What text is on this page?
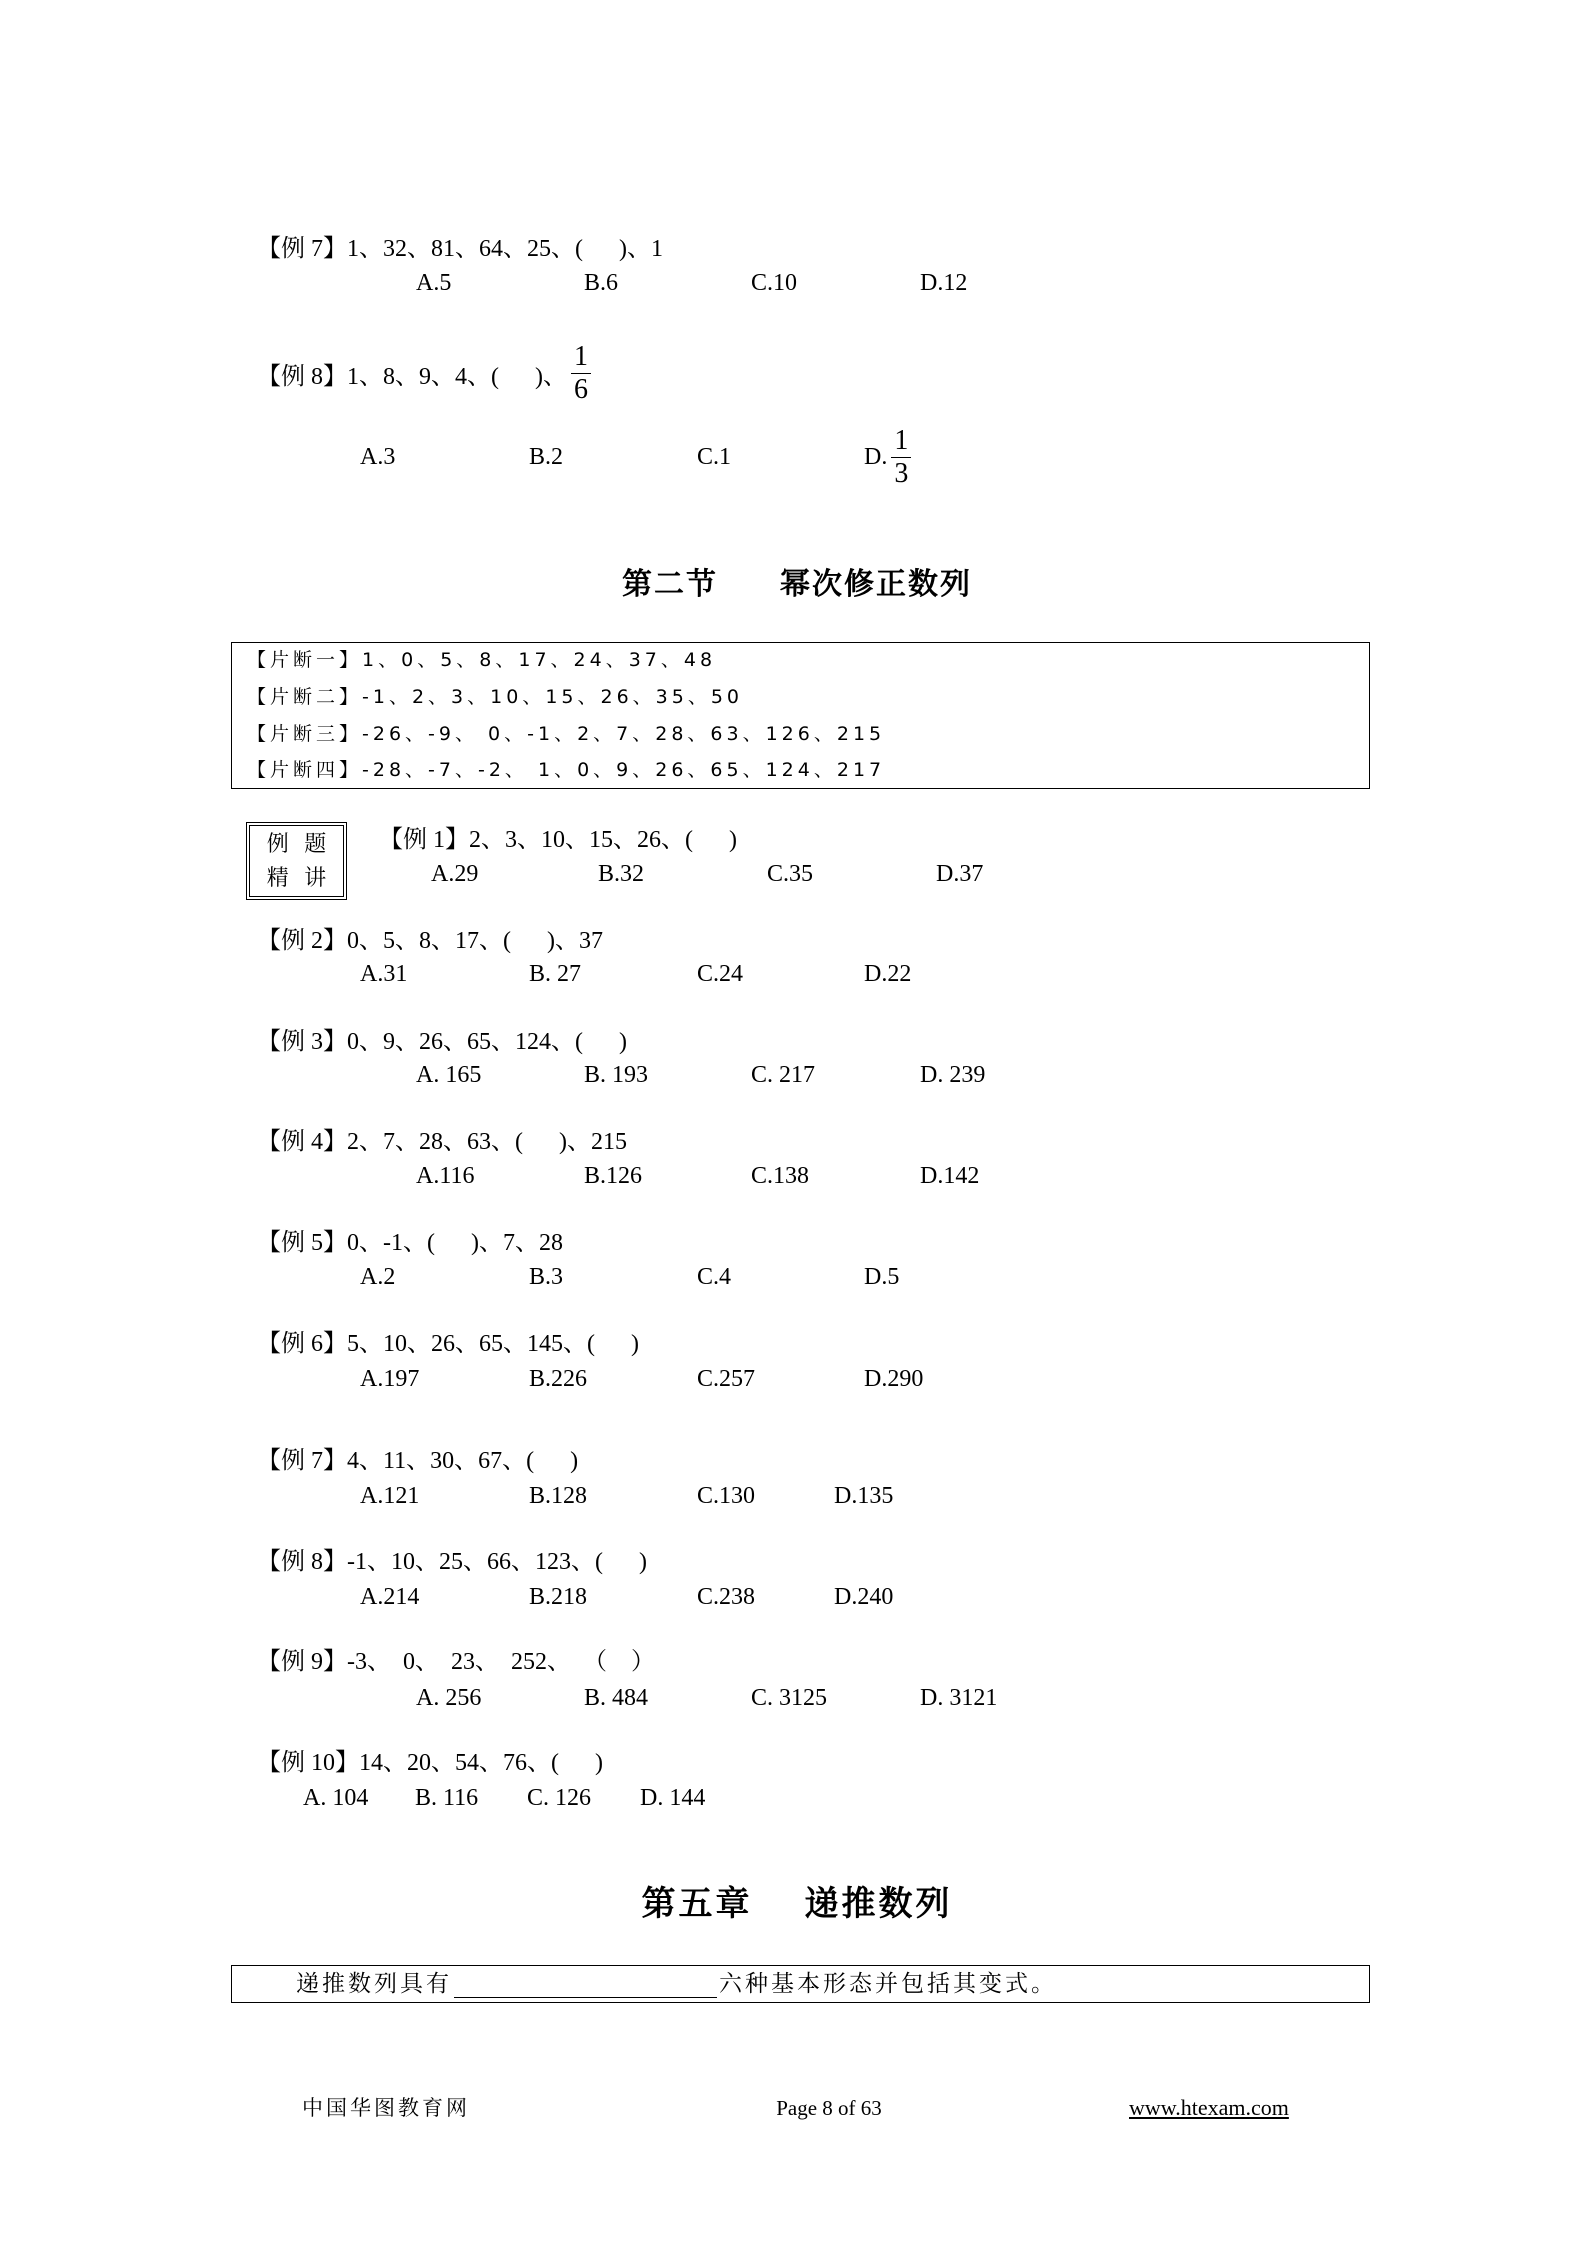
【例 7】1、32、81、64、25、(      )、1
A.5	B.6	C.10	D.12
【例 8】 1、8、9、4、(      )、 $\frac{1}{6}$
A.3	B.2	C.1	D. $\frac{1}{3}$
第二节 幂次修正数列
【片断一】1、0、5、8、17、24、37、48
【片断二】-1、2、3、10、15、26、35、50
【片断三】-26、-9、 0、-1、2、7、28、63、126、215
【片断四】-28、-7、-2、 1、0、9、26、65、124、217
例 题
精 讲
【例 1】2、3、10、15、26、(      )
A.29	B.32	C.35	D.37
【例 2】0、5、8、17、(      )、37
A.31	B. 27	C.24	D.22
【例 3】0、9、26、65、124、(      )
A. 165	B. 193	C. 217	D. 239
【例 4】2、7、28、63、(      )、215
A.116	B.126	C.138	D.142
【例 5】0、-1、(      )、7、28
A.2	B.3	C.4	D.5
【例 6】5、10、26、65、145、(      )
A.197	B.226	C.257	D.290
【例 7】4、11、30、67、(      )
A.121	B.128	C.130	D.135
【例 8】-1、10、25、66、123、(      )
A.214	B.218	C.238	D.240
【例 9】-3、  0、  23、  252、  （    ）
A. 256	B. 484	C. 3125	D. 3121
【例 10】14、20、54、76、(      )
A. 104 B. 116 C. 126 D. 144
第五章 递推数列
递推数列具有	六种基本形态并包括其变式。
中国华图教育网	Page 8 of 63	www.htexam.com
